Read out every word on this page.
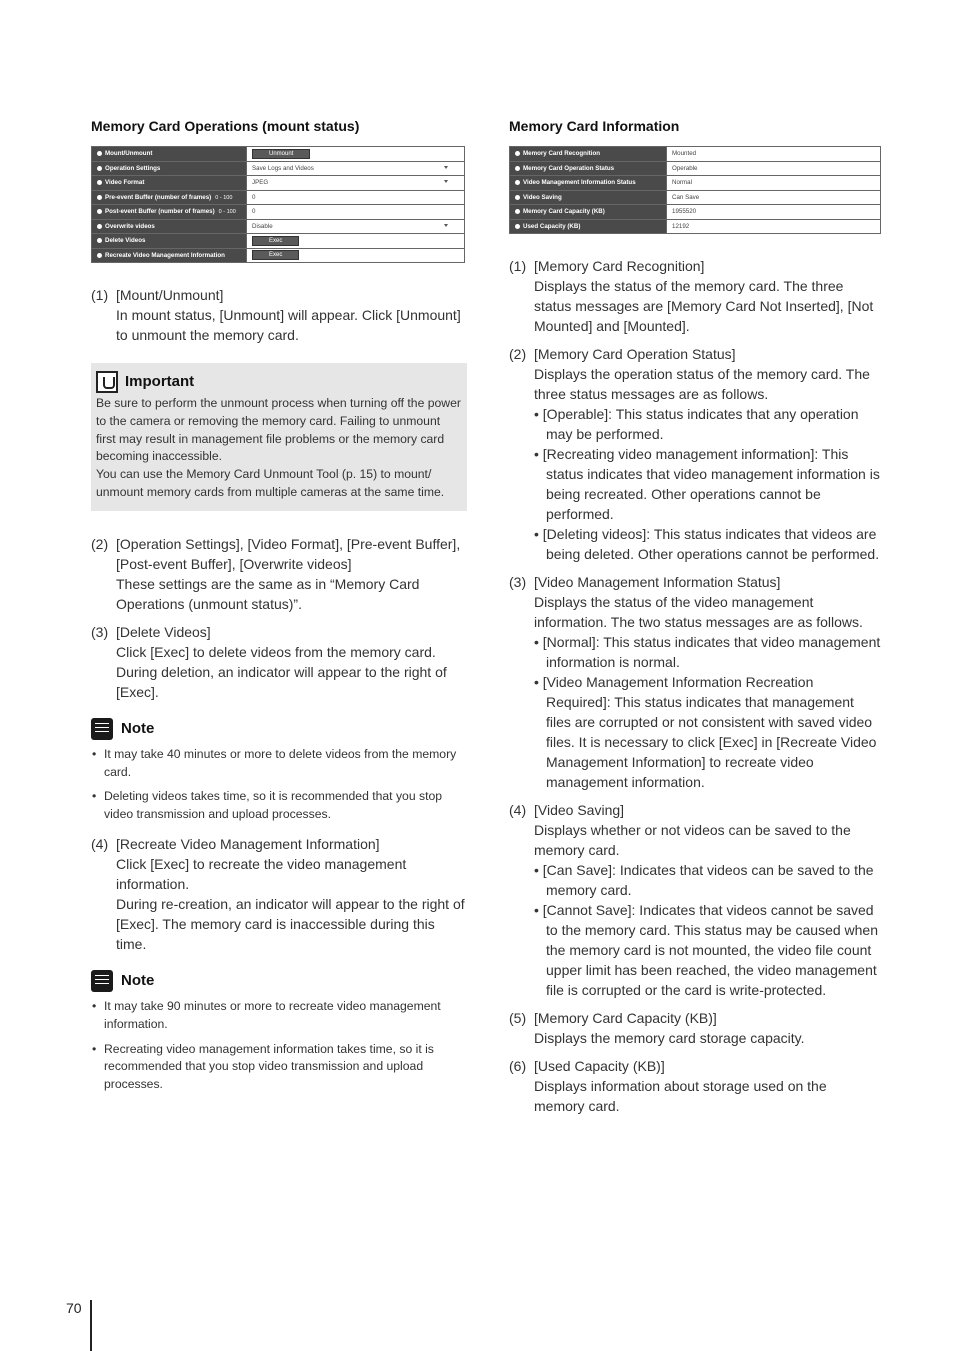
Memory Card Operations (mount status)
Mount/Unmount	Unmount
Operation Settings	Save Logs and Videos

Video Format	JPEG

Pre-event Buffer (number of frames) 0 - 100	0
Post-event Buffer (number of frames) 0 - 100	0
Overwrite videos	Disable

Delete Videos	Exec
Recreate Video Management Information	Exec
(1) [Mount/Unmount]
In mount status, [Unmount] will appear. Click [Unmount] to unmount the memory card.
Important
Be sure to perform the unmount process when turning off the power to the camera or removing the memory card. Failing to unmount first may result in management file problems or the memory card becoming inaccessible.
You can use the Memory Card Unmount Tool (p. 15) to mount/ unmount memory cards from multiple cameras at the same time.
(2) [Operation Settings], [Video Format], [Pre-event Buffer], [Post-event Buffer], [Overwrite videos]
These settings are the same as in “Memory Card Operations (unmount status)”.
(3) [Delete Videos]
Click [Exec] to delete videos from the memory card. During deletion, an indicator will appear to the right of [Exec].
Note
• It may take 40 minutes or more to delete videos from the memory card.
• Deleting videos takes time, so it is recommended that you stop video transmission and upload processes.
(4) [Recreate Video Management Information]
Click [Exec] to recreate the video management information.
During re-creation, an indicator will appear to the right of [Exec]. The memory card is inaccessible during this time.
Note
• It may take 90 minutes or more to recreate video management information.
• Recreating video management information takes time, so it is recommended that you stop video transmission and upload processes.
Memory Card Information
Memory Card Recognition	Mounted
Memory Card Operation Status	Operable
Video Management Information Status	Normal
Video Saving	Can Save
Memory Card Capacity (KB)	1955520
Used Capacity (KB)	12192
(1) [Memory Card Recognition]
Displays the status of the memory card. The three status messages are [Memory Card Not Inserted], [Not Mounted] and [Mounted].
(2) [Memory Card Operation Status]
Displays the operation status of the memory card. The three status messages are as follows.
• [Operable]: This status indicates that any operation may be performed.
• [Recreating video management information]: This status indicates that video management information is being recreated. Other operations cannot be performed.
• [Deleting videos]: This status indicates that videos are being deleted. Other operations cannot be performed.
(3) [Video Management Information Status]
Displays the status of the video management information. The two status messages are as follows.
• [Normal]: This status indicates that video management information is normal.
• [Video Management Information Recreation Required]: This status indicates that management files are corrupted or not consistent with saved video files. It is necessary to click [Exec] in [Recreate Video Management Information] to recreate video management information.
(4) [Video Saving]
Displays whether or not videos can be saved to the memory card.
• [Can Save]: Indicates that videos can be saved to the memory card.
• [Cannot Save]: Indicates that videos cannot be saved to the memory card. This status may be caused when the memory card is not mounted, the video file count upper limit has been reached, the video management file is corrupted or the card is write-protected.
(5) [Memory Card Capacity (KB)]
Displays the memory card storage capacity.
(6) [Used Capacity (KB)]
Displays information about storage used on the memory card.
70
